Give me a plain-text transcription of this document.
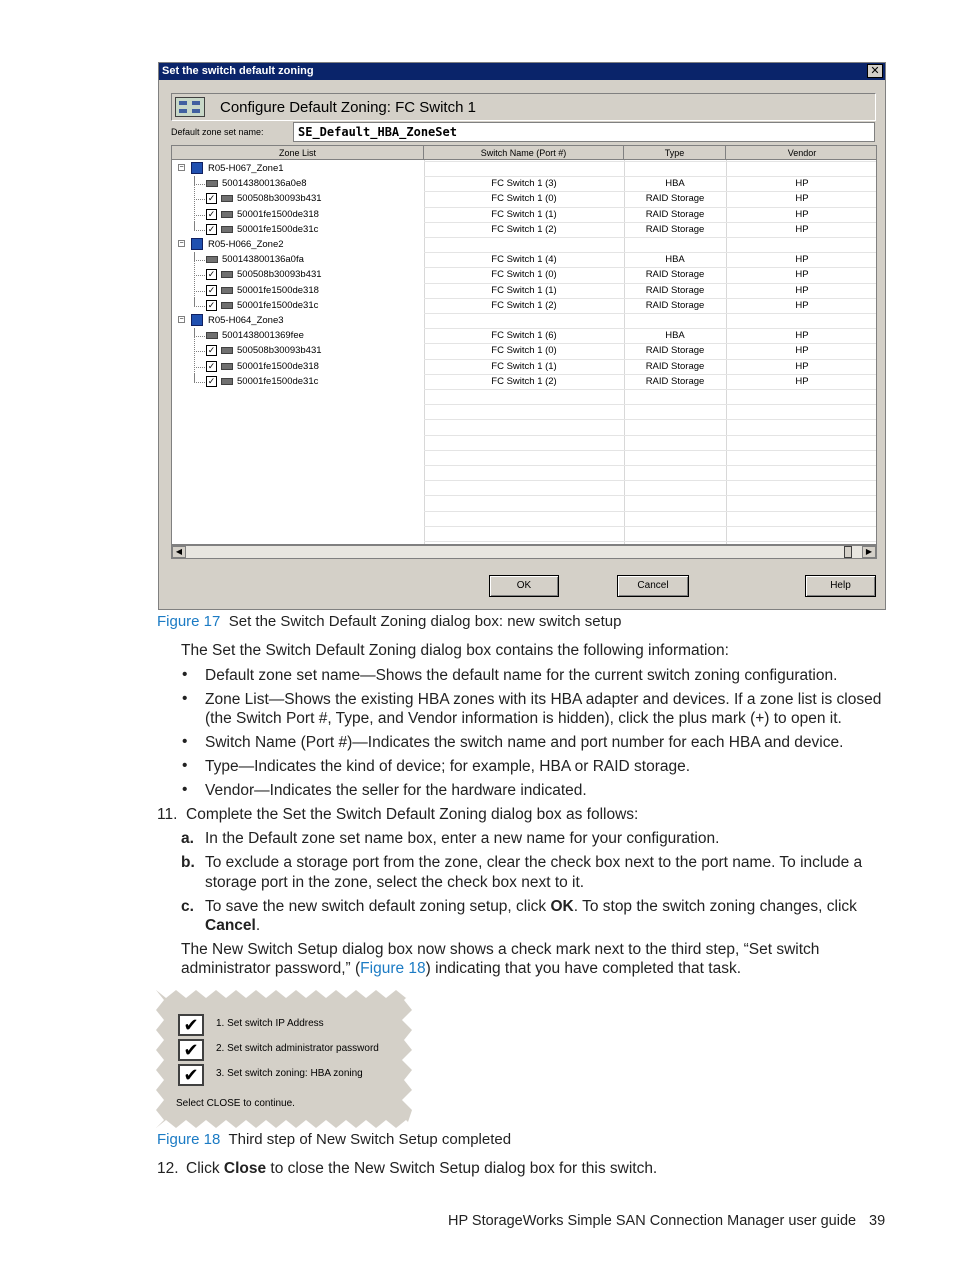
Set the switch default zoning	✕
Configure Default Zoning: FC Switch 1
Default zone set name:	SE_Default_HBA_ZoneSet
Zone List	Switch Name (Port #)	Type	Vendor
−	R05-H067_Zone1
500143800136a0e8	FC Switch 1 (3)	HBA	HP
✓ 500508b30093b431	FC Switch 1 (0)	RAID Storage	HP
✓ 50001fe1500de318	FC Switch 1 (1)	RAID Storage	HP
✓ 50001fe1500de31c	FC Switch 1 (2)	RAID Storage	HP
−	R05-H066_Zone2
500143800136a0fa	FC Switch 1 (4)	HBA	HP
✓ 500508b30093b431	FC Switch 1 (0)	RAID Storage	HP
✓ 50001fe1500de318	FC Switch 1 (1)	RAID Storage	HP
✓ 50001fe1500de31c	FC Switch 1 (2)	RAID Storage	HP
−	R05-H064_Zone3
5001438001369fee	FC Switch 1 (6)	HBA	HP
✓ 500508b30093b431	FC Switch 1 (0)	RAID Storage	HP
✓ 50001fe1500de318	FC Switch 1 (1)	RAID Storage	HP
✓ 50001fe1500de31c	FC Switch 1 (2)	RAID Storage	HP
◀	▶
OK	Cancel	Help
Figure 17 Set the Switch Default Zoning dialog box: new switch setup
The Set the Switch Default Zoning dialog box contains the following information:
• Default zone set name—Shows the default name for the current switch zoning configuration.
• Zone List—Shows the existing HBA zones with its HBA adapter and devices. If a zone list is closed
(the Switch Port #, Type, and Vendor information is hidden), click the plus mark (+) to open it.
• Switch Name (Port #)—Indicates the switch name and port number for each HBA and device.
• Type—Indicates the kind of device; for example, HBA or RAID storage.
• Vendor—Indicates the seller for the hardware indicated.
11. Complete the Set the Switch Default Zoning dialog box as follows:
a. In the Default zone set name box, enter a new name for your configuration.
b. To exclude a storage port from the zone, clear the check box next to the port name. To include a
storage port in the zone, select the check box next to it.
c. To save the new switch default zoning setup, click OK. To stop the switch zoning changes, click
Cancel.
The New Switch Setup dialog box now shows a check mark next to the third step, “Set switch
administrator password,” (Figure 18) indicating that you have completed that task.
✔	1. Set switch IP Address
✔	2. Set switch administrator password
✔	3. Set switch zoning: HBA zoning
Select CLOSE to continue.
Figure 18 Third step of New Switch Setup completed
12. Click Close to close the New Switch Setup dialog box for this switch.
HP StorageWorks Simple SAN Connection Manager user guide 39
